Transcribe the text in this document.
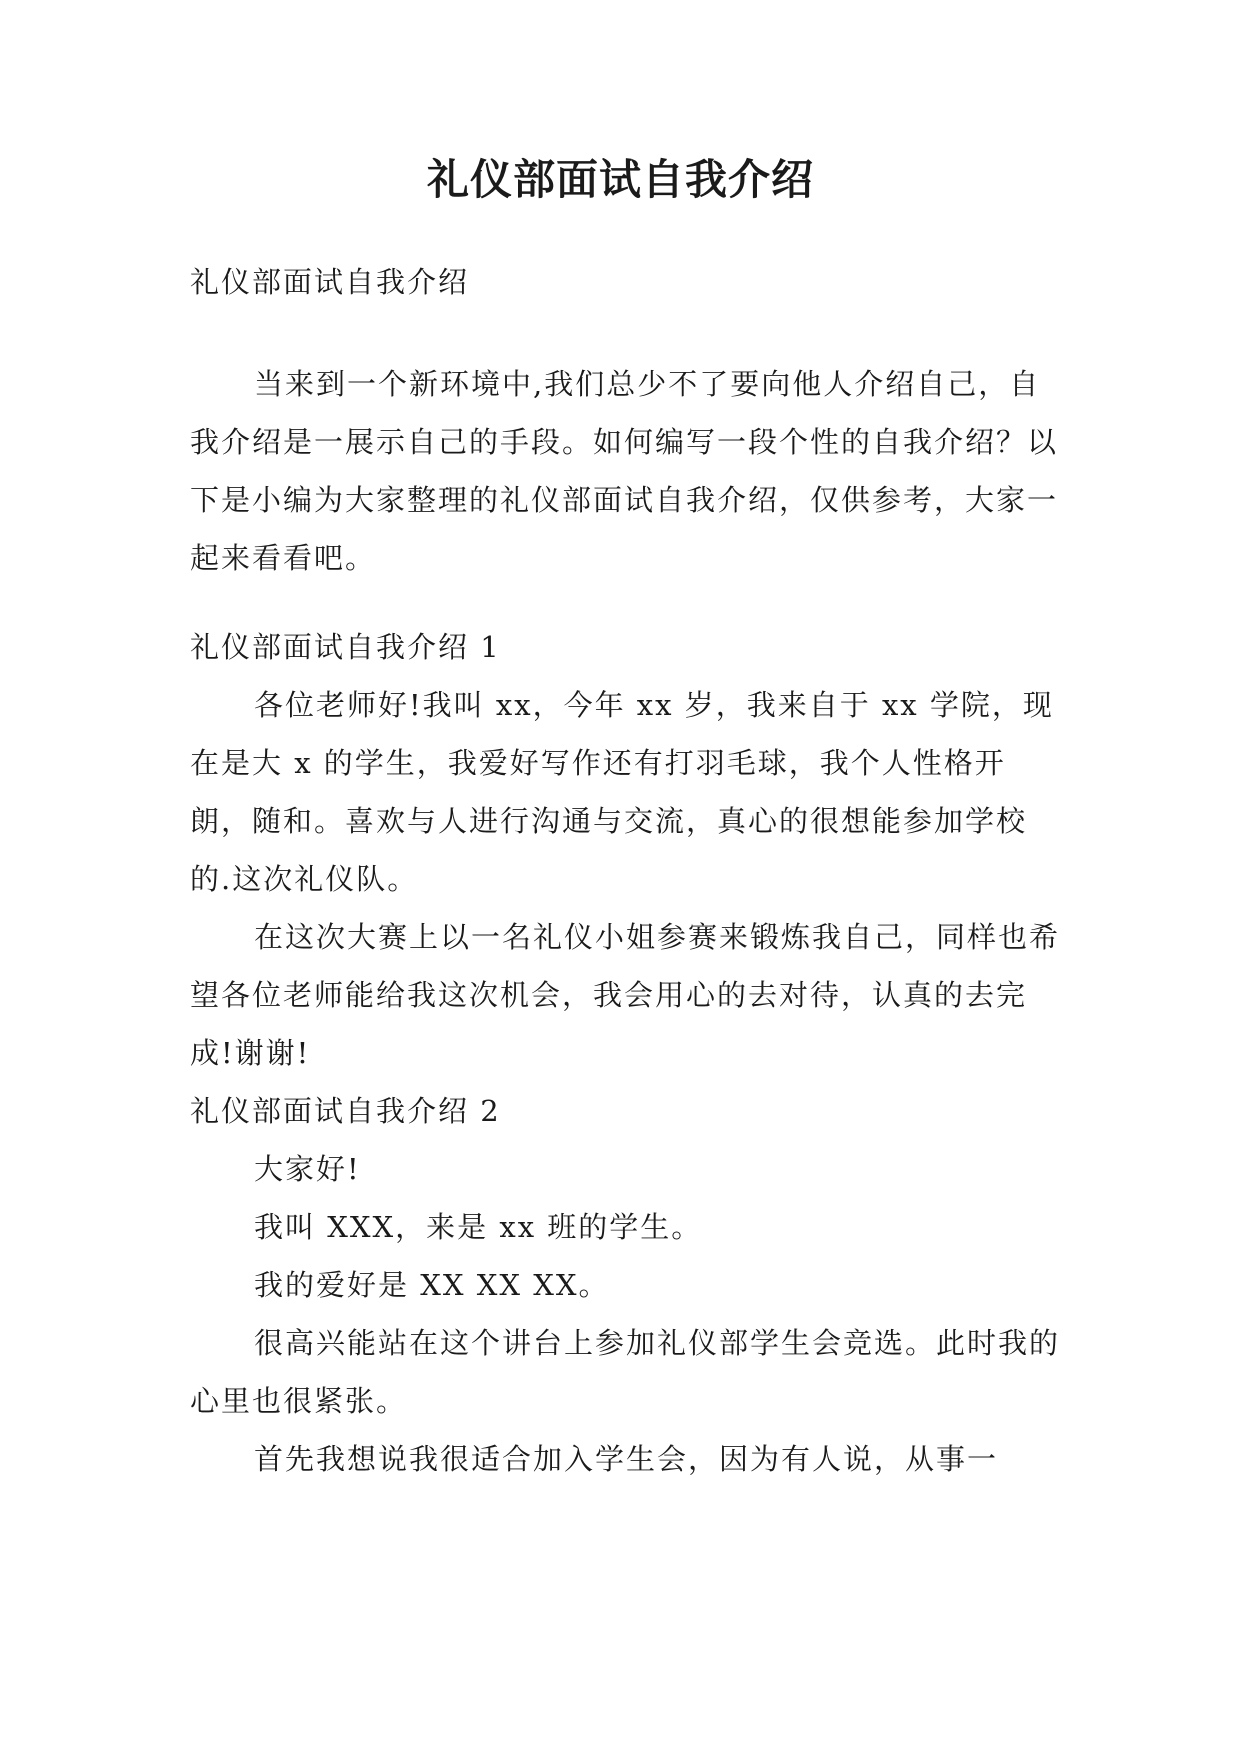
礼仪部面试自我介绍

礼仪部面试自我介绍

当来到一个新环境中,我们总少不了要向他人介绍自己，自我介绍是一展示自己的手段。如何编写一段个性的自我介绍？以下是小编为大家整理的礼仪部面试自我介绍，仅供参考，大家一起来看看吧。

礼仪部面试自我介绍 1

各位老师好!我叫 xx，今年 xx 岁，我来自于 xx 学院，现在是大 x 的学生，我爱好写作还有打羽毛球，我个人性格开朗，随和。喜欢与人进行沟通与交流，真心的很想能参加学校的.这次礼仪队。

在这次大赛上以一名礼仪小姐参赛来锻炼我自己，同样也希望各位老师能给我这次机会，我会用心的去对待，认真的去完成!谢谢!

礼仪部面试自我介绍 2

大家好!

我叫 XXX，来是 xx 班的学生。

我的爱好是 XX XX XX。

很高兴能站在这个讲台上参加礼仪部学生会竞选。此时我的心里也很紧张。

首先我想说我很适合加入学生会，因为有人说，从事一
